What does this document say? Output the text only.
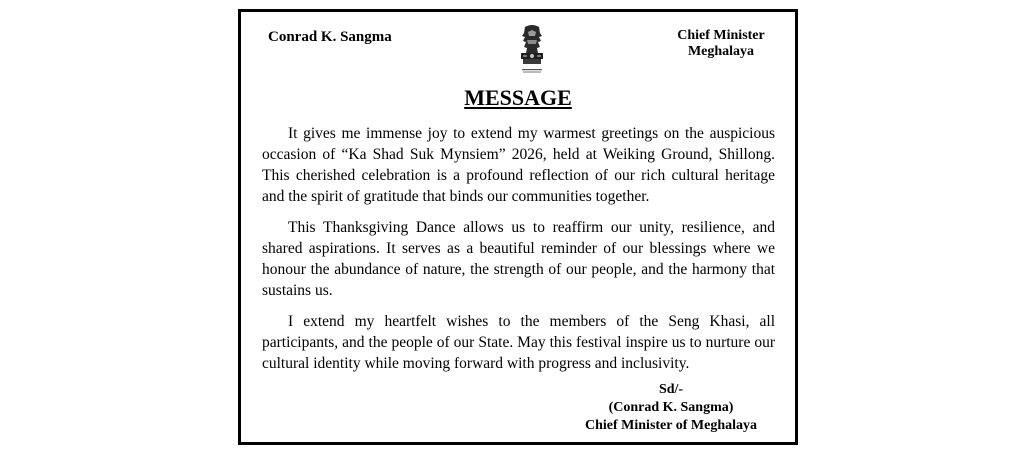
Conrad K. Sangma	Chief Minister
Meghalaya
MESSAGE

It gives me immense joy to extend my warmest greetings on the auspicious occasion of “Ka Shad Suk Mynsiem” 2026, held at Weiking Ground, Shillong. This cherished celebration is a profound reflection of our rich cultural heritage and the spirit of gratitude that binds our communities together.

This Thanksgiving Dance allows us to reaffirm our unity, resilience, and shared aspirations. It serves as a beautiful reminder of our blessings where we honour the abundance of nature, the strength of our people, and the harmony that sustains us.

I extend my heartfelt wishes to the members of the Seng Khasi, all participants, and the people of our State. May this festival inspire us to nurture our cultural identity while moving forward with progress and inclusivity.

Sd/-
(Conrad K. Sangma)
Chief Minister of Meghalaya
